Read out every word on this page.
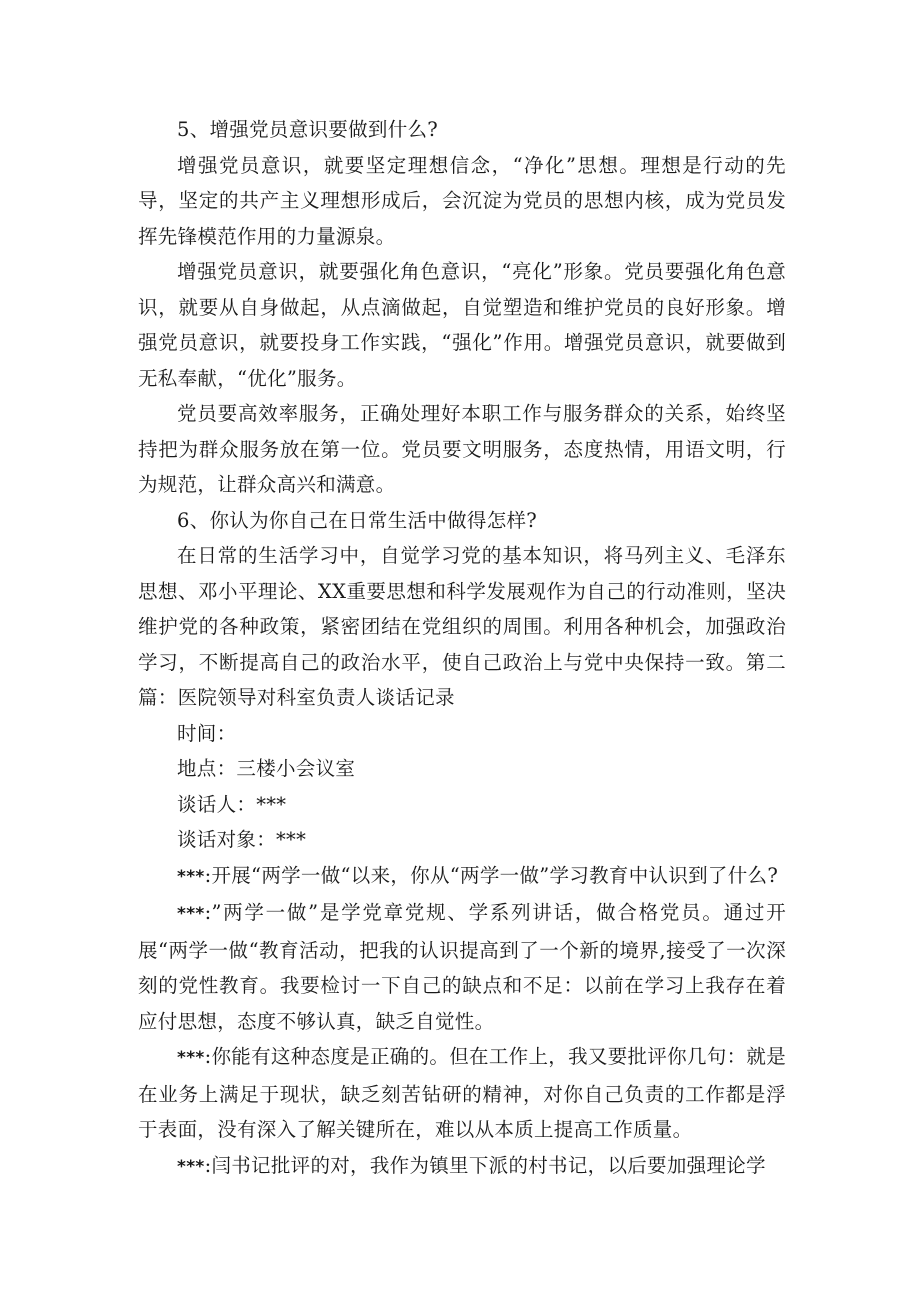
5、增强党员意识要做到什么?

增强党员意识，就要坚定理想信念，“净化”思想。理想是行动的先导，坚定的共产主义理想形成后，会沉淀为党员的思想内核，成为党员发挥先锋模范作用的力量源泉。

增强党员意识，就要强化角色意识，“亮化”形象。党员要强化角色意识，就要从自身做起，从点滴做起，自觉塑造和维护党员的良好形象。增强党员意识，就要投身工作实践，“强化”作用。增强党员意识，就要做到无私奉献，“优化”服务。

党员要高效率服务，正确处理好本职工作与服务群众的关系，始终坚持把为群众服务放在第一位。党员要文明服务，态度热情，用语文明，行为规范，让群众高兴和满意。

6、你认为你自己在日常生活中做得怎样?

在日常的生活学习中，自觉学习党的基本知识，将马列主义、毛泽东思想、邓小平理论、XX重要思想和科学发展观作为自己的行动准则，坚决维护党的各种政策，紧密团结在党组织的周围。利用各种机会，加强政治学习，不断提高自己的政治水平，使自己政治上与党中央保持一致。第二篇：医院领导对科室负责人谈话记录

时间：

地点：三楼小会议室

谈话人：***

谈话对象：***

***:开展“两学一做“以来，你从“两学一做”学习教育中认识到了什么?

***:”两学一做”是学党章党规、学系列讲话，做合格党员。通过开展“两学一做“教育活动，把我的认识提高到了一个新的境界,接受了一次深刻的党性教育。我要检讨一下自己的缺点和不足：以前在学习上我存在着应付思想，态度不够认真，缺乏自觉性。

***:你能有这种态度是正确的。但在工作上，我又要批评你几句：就是在业务上满足于现状，缺乏刻苦钻研的精神，对你自己负责的工作都是浮于表面，没有深入了解关键所在，难以从本质上提高工作质量。

***:闫书记批评的对，我作为镇里下派的村书记，以后要加强理论学
